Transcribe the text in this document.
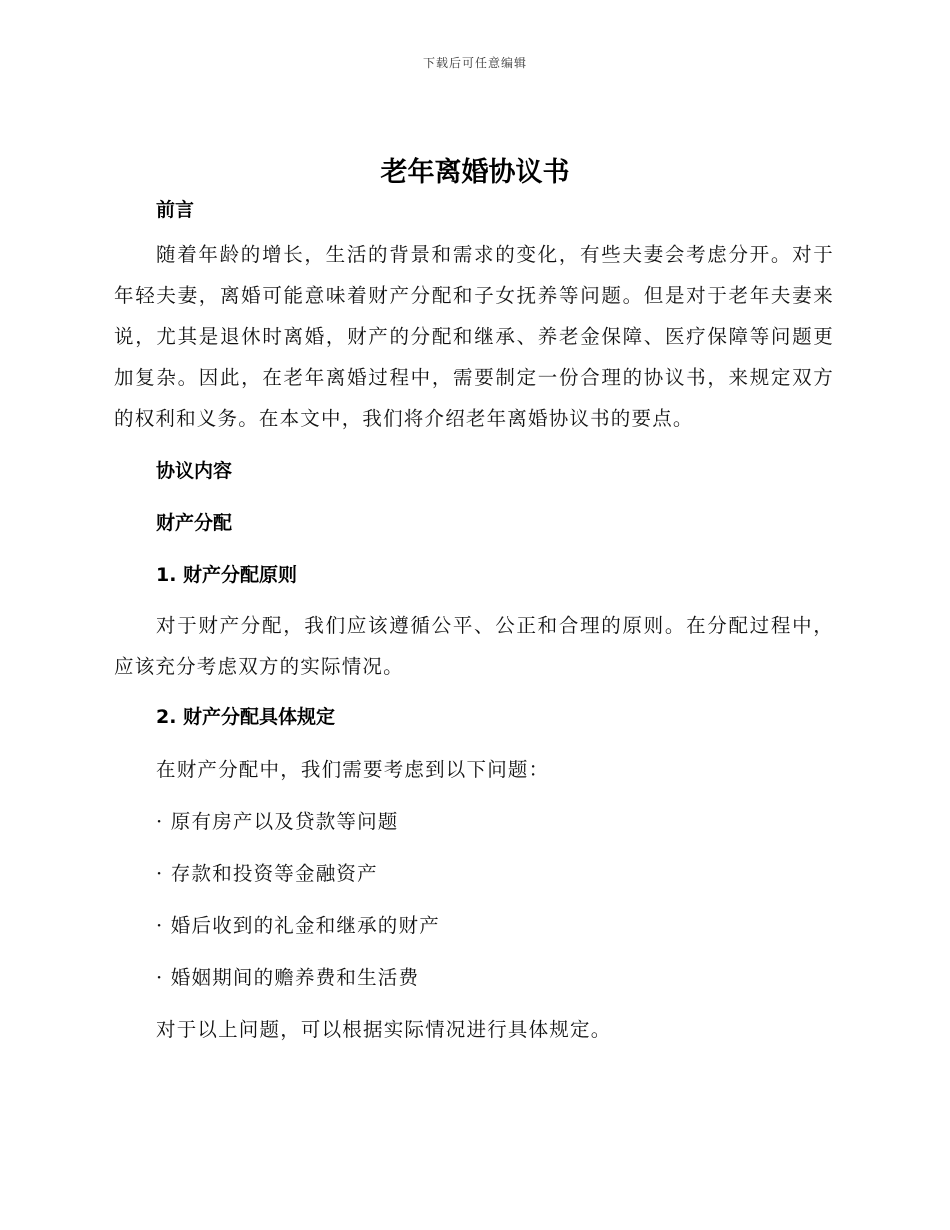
下载后可任意编辑
老年离婚协议书

前言

随着年龄的增长，生活的背景和需求的变化，有些夫妻会考虑分开。对于年轻夫妻，离婚可能意味着财产分配和子女抚养等问题。但是对于老年夫妻来说，尤其是退休时离婚，财产的分配和继承、养老金保障、医疗保障等问题更加复杂。因此，在老年离婚过程中，需要制定一份合理的协议书，来规定双方的权利和义务。在本文中，我们将介绍老年离婚协议书的要点。

协议内容

财产分配

1. 财产分配原则

对于财产分配，我们应该遵循公平、公正和合理的原则。在分配过程中，应该充分考虑双方的实际情况。

2. 财产分配具体规定

在财产分配中，我们需要考虑到以下问题：

· 原有房产以及贷款等问题

· 存款和投资等金融资产

· 婚后收到的礼金和继承的财产

· 婚姻期间的赡养费和生活费

对于以上问题，可以根据实际情况进行具体规定。
